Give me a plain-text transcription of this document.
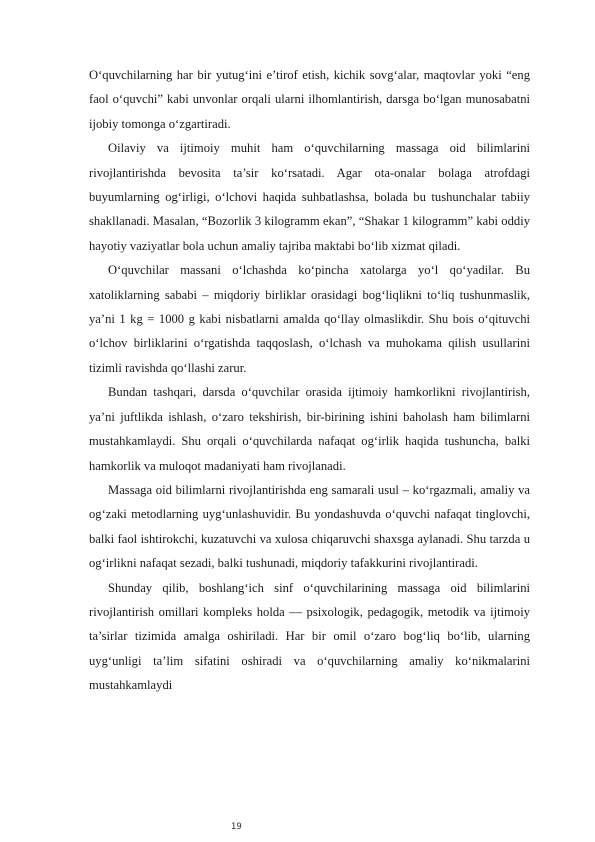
O‘quvchilarning har bir yutug‘ini e’tirof etish, kichik sovg‘alar, maqtovlar yoki “eng faol o‘quvchi” kabi unvonlar orqali ularni ilhomlantirish, darsga bo‘lgan munosabatni ijobiy tomonga o‘zgartiradi.

Oilaviy va ijtimoiy muhit ham o‘quvchilarning massaga oid bilimlarini rivojlantirishda bevosita ta’sir ko‘rsatadi. Agar ota-onalar bolaga atrofdagi buyumlarning og‘irligi, o‘lchovi haqida suhbatlashsa, bolada bu tushunchalar tabiiy shakllanadi. Masalan, “Bozorlik 3 kilogramm ekan”, “Shakar 1 kilogramm” kabi oddiy hayotiy vaziyatlar bola uchun amaliy tajriba maktabi bo‘lib xizmat qiladi.

O‘quvchilar massani o‘lchashda ko‘pincha xatolarga yo‘l qo‘yadilar. Bu xatoliklarning sababi – miqdoriy birliklar orasidagi bog‘liqlikni to‘liq tushunmaslik, ya’ni 1 kg = 1000 g kabi nisbatlarni amalda qo‘llay olmaslikdir. Shu bois o‘qituvchi o‘lchov birliklarini o‘rgatishda taqqoslash, o‘lchash va muhokama qilish usullarini tizimli ravishda qo‘llashi zarur.

Bundan tashqari, darsda o‘quvchilar orasida ijtimoiy hamkorlikni rivojlantirish, ya’ni juftlikda ishlash, o‘zaro tekshirish, bir-birining ishini baholash ham bilimlarni mustahkamlaydi. Shu orqali o‘quvchilarda nafaqat og‘irlik haqida tushuncha, balki hamkorlik va muloqot madaniyati ham rivojlanadi.

Massaga oid bilimlarni rivojlantirishda eng samarali usul – ko‘rgazmali, amaliy va og‘zaki metodlarning uyg‘unlashuvidir. Bu yondashuvda o‘quvchi nafaqat tinglovchi, balki faol ishtirokchi, kuzatuvchi va xulosa chiqaruvchi shaxsga aylanadi. Shu tarzda u og‘irlikni nafaqat sezadi, balki tushunadi, miqdoriy tafakkurini rivojlantiradi.

Shunday qilib, boshlang‘ich sinf o‘quvchilarining massaga oid bilimlarini rivojlantirish omillari kompleks holda — psixologik, pedagogik, metodik va ijtimoiy ta’sirlar tizimida amalga oshiriladi. Har bir omil o‘zaro bog‘liq bo‘lib, ularning uyg‘unligi ta’lim sifatini oshiradi va o‘quvchilarning amaliy ko‘nikmalarini mustahkamlaydi

19
